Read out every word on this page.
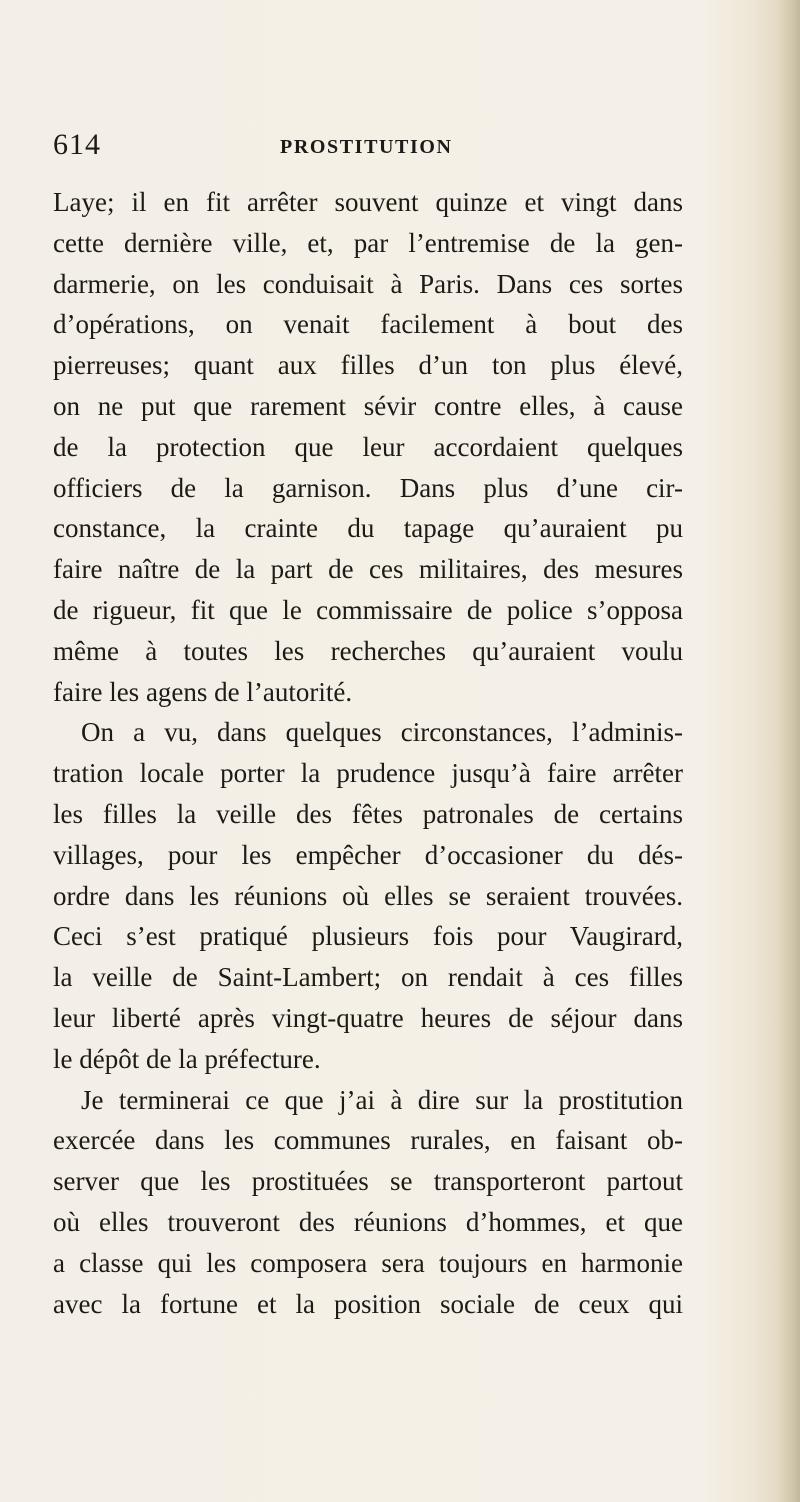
614	PROSTITUTION
Laye; il en fit arrêter souvent quinze et vingt dans
cette dernière ville, et, par l’entremise de la gen-
darmerie, on les conduisait à Paris. Dans ces sortes
d’opérations, on venait facilement à bout des
pierreuses; quant aux filles d’un ton plus élevé,
on ne put que rarement sévir contre elles, à cause
de la protection que leur accordaient quelques
officiers de la garnison. Dans plus d’une cir-
constance, la crainte du tapage qu’auraient pu
faire naître de la part de ces militaires, des mesures
de rigueur, fit que le commissaire de police s’opposa
même à toutes les recherches qu’auraient voulu
faire les agens de l’autorité.
On a vu, dans quelques circonstances, l’adminis-
tration locale porter la prudence jusqu’à faire arrêter
les filles la veille des fêtes patronales de certains
villages, pour les empêcher d’occasioner du dés-
ordre dans les réunions où elles se seraient trouvées.
Ceci s’est pratiqué plusieurs fois pour Vaugirard,
la veille de Saint-Lambert; on rendait à ces filles
leur liberté après vingt-quatre heures de séjour dans
le dépôt de la préfecture.
Je terminerai ce que j’ai à dire sur la prostitution
exercée dans les communes rurales, en faisant ob-
server que les prostituées se transporteront partout
où elles trouveront des réunions d’hommes, et que
a classe qui les composera sera toujours en harmonie
avec la fortune et la position sociale de ceux qui
